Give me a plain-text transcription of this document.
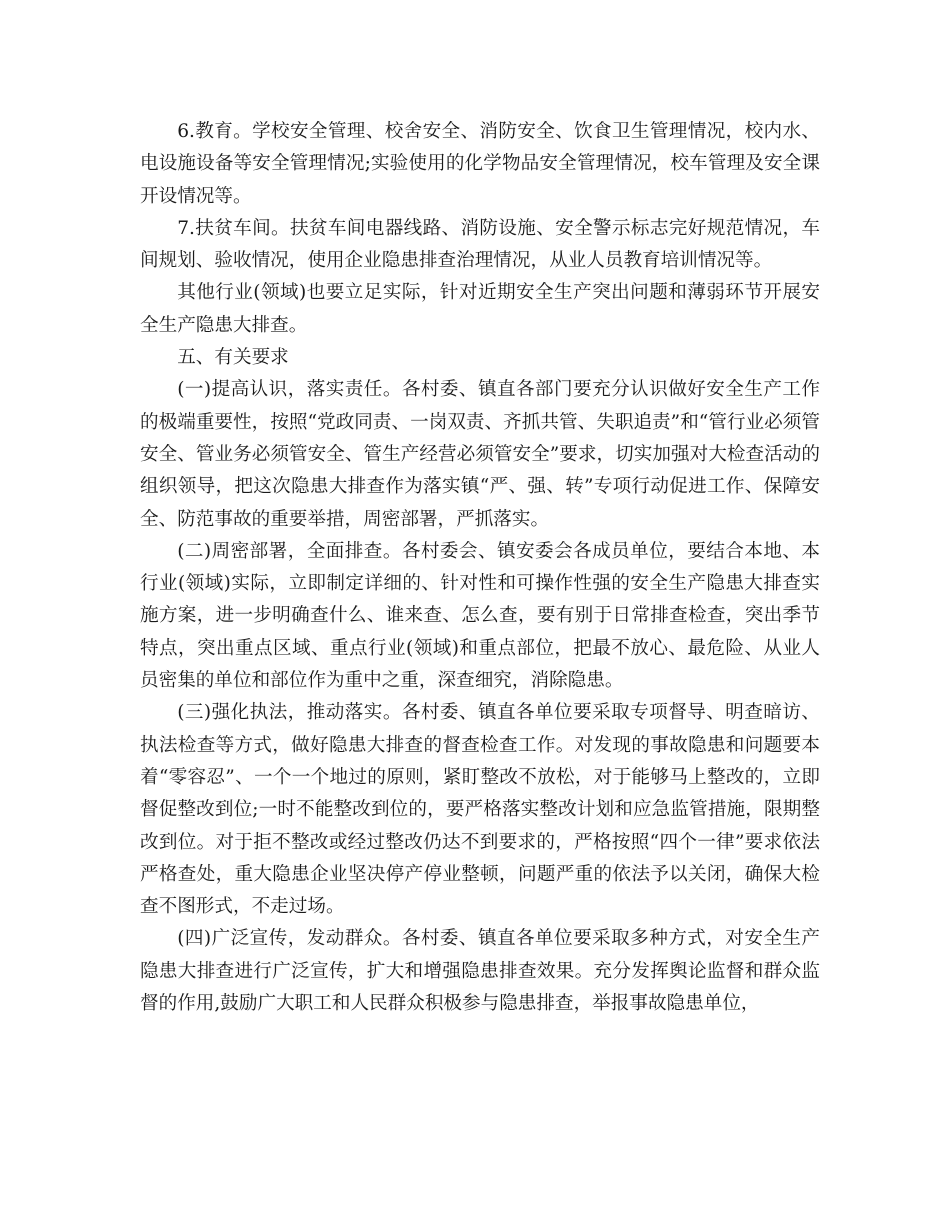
6.教育。学校安全管理、校舍安全、消防安全、饮食卫生管理情况，校内水、电设施设备等安全管理情况;实验使用的化学物品安全管理情况，校车管理及安全课开设情况等。

7.扶贫车间。扶贫车间电器线路、消防设施、安全警示标志完好规范情况，车间规划、验收情况，使用企业隐患排查治理情况，从业人员教育培训情况等。

其他行业(领域)也要立足实际，针对近期安全生产突出问题和薄弱环节开展安全生产隐患大排查。

五、有关要求

(一)提高认识，落实责任。各村委、镇直各部门要充分认识做好安全生产工作的极端重要性，按照“党政同责、一岗双责、齐抓共管、失职追责”和“管行业必须管安全、管业务必须管安全、管生产经营必须管安全”要求，切实加强对大检查活动的组织领导，把这次隐患大排查作为落实镇“严、强、转”专项行动促进工作、保障安全、防范事故的重要举措，周密部署，严抓落实。

(二)周密部署，全面排查。各村委会、镇安委会各成员单位，要结合本地、本行业(领域)实际，立即制定详细的、针对性和可操作性强的安全生产隐患大排查实施方案，进一步明确查什么、谁来查、怎么查，要有别于日常排查检查，突出季节特点，突出重点区域、重点行业(领域)和重点部位，把最不放心、最危险、从业人员密集的单位和部位作为重中之重，深查细究，消除隐患。

(三)强化执法，推动落实。各村委、镇直各单位要采取专项督导、明查暗访、执法检查等方式，做好隐患大排查的督查检查工作。对发现的事故隐患和问题要本着“零容忍”、一个一个地过的原则，紧盯整改不放松，对于能够马上整改的，立即督促整改到位;一时不能整改到位的，要严格落实整改计划和应急监管措施，限期整改到位。对于拒不整改或经过整改仍达不到要求的，严格按照“四个一律”要求依法严格查处，重大隐患企业坚决停产停业整顿，问题严重的依法予以关闭，确保大检查不图形式，不走过场。

(四)广泛宣传，发动群众。各村委、镇直各单位要采取多种方式，对安全生产隐患大排查进行广泛宣传，扩大和增强隐患排查效果。充分发挥舆论监督和群众监督的作用,鼓励广大职工和人民群众积极参与隐患排查，举报事故隐患单位，
